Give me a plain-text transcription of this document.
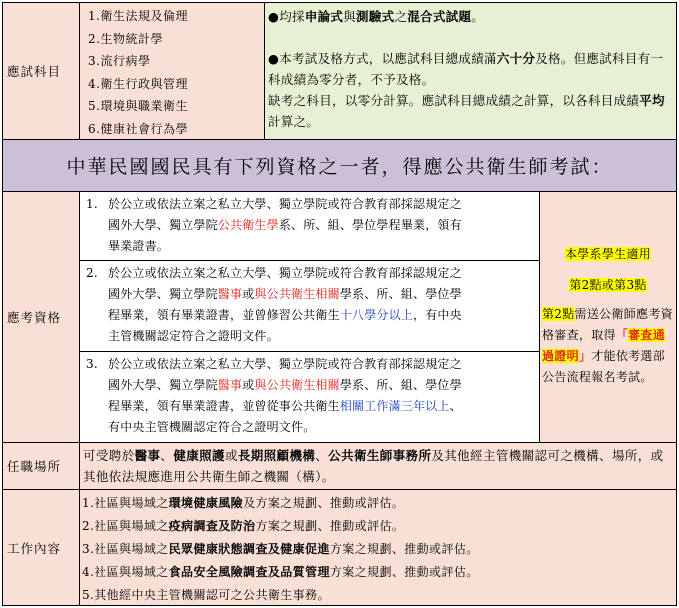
應試科目
1.衛生法規及倫理
2.生物統計學
3.流行病學
4.衛生行政與管理
5.環境與職業衛生
6.健康社會行為學
●均採申論式與測驗式之混合式試題。
●本考試及格方式，以應試科目總成績滿六十分及格。但應試科目有一科成績為零分者，不予及格。
缺考之科目，以零分計算。應試科目總成績之計算，以各科目成績平均計算之。
中華民國國民具有下列資格之一者，得應公共衛生師考試：
應考資格
1. 於公立或依法立案之私立大學、獨立學院或符合教育部採認規定之
國外大學、獨立學院公共衛生學系、所、組、學位學程畢業，領有
畢業證書。
2. 於公立或依法立案之私立大學、獨立學院或符合教育部採認規定之
國外大學、獨立學院醫事或與公共衛生相關學系、所、組、學位學
程畢業，領有畢業證書，並曾修習公共衛生十八學分以上，有中央
主管機關認定符合之證明文件。
3. 於公立或依法立案之私立大學、獨立學院或符合教育部採認規定之
國外大學、獨立學院醫事或與公共衛生相關學系、所、組、學位學
程畢業，領有畢業證書，並曾從事公共衛生相關工作滿三年以上、
有中央主管機關認定符合之證明文件。
本學系學生適用
第2點或第3點
第2點需送公衛師應考資格審查，取得「審查通過證明」才能依考選部公告流程報名考試。
任職場所
可受聘於醫事、健康照護或長期照顧機構、公共衛生師事務所及其他經主管機關認可之機構、場所，或其他依法規應進用公共衛生師之機關（構）。
工作內容
1.社區與場域之環境健康風險及方案之規劃、推動或評估。
2.社區與場域之疫病調查及防治方案之規劃、推動或評估。
3.社區與場域之民眾健康狀態調查及健康促進方案之規劃、推動或評估。
4.社區與場域之食品安全風險調查及品質管理方案之規劃、推動或評估。
5.其他經中央主管機關認可之公共衛生事務。
